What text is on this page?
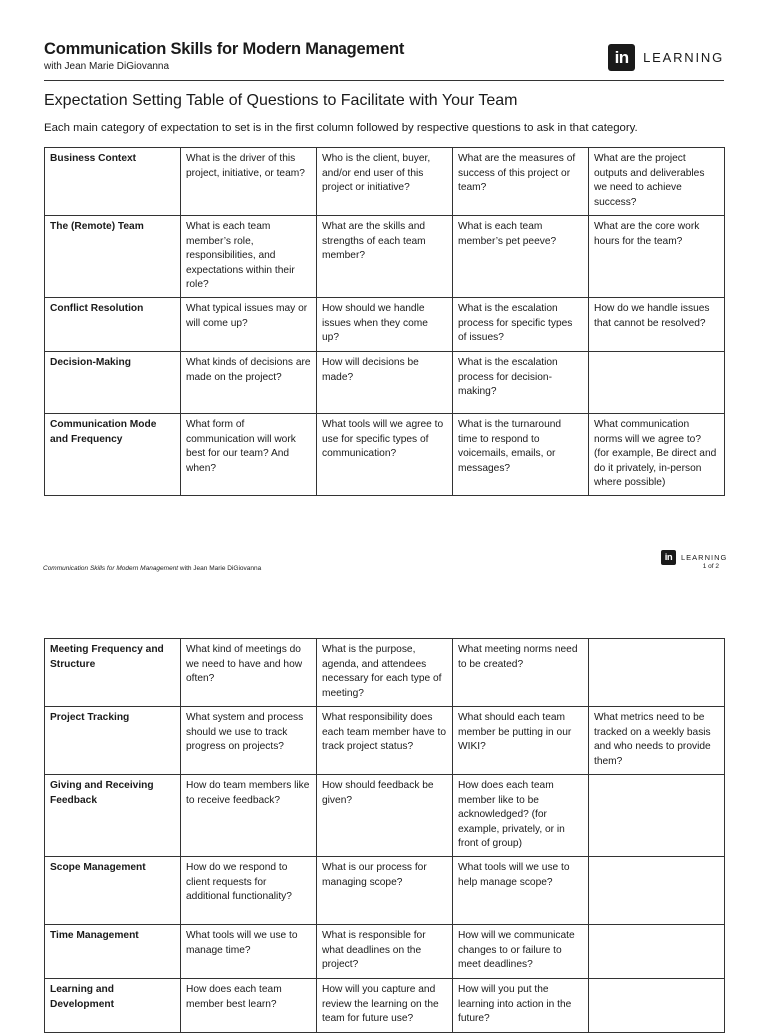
Communication Skills for Modern Management
with Jean Marie DiGiovanna	in	LEARNING
Expectation Setting Table of Questions to Facilitate with Your Team
Each main category of expectation to set is in the first column followed by respective questions to ask in that category.
Business Context	What is the driver of this project, initiative, or team?	Who is the client, buyer, and/or end user of this project or initiative?	What are the measures of success of this project or team?	What are the project outputs and deliverables we need to achieve success?
The (Remote) Team	What is each team member’s role, responsibilities, and expectations within their role?	What are the skills and strengths of each team member?	What is each team member’s pet peeve?	What are the core work hours for the team?
Conflict Resolution	What typical issues may or will come up?	How should we handle issues when they come up?	What is the escalation process for specific types of issues?	How do we handle issues that cannot be resolved?
Decision-Making	What kinds of decisions are made on the project?	How will decisions be made?	What is the escalation process for decision-making?	
Communication Mode and Frequency	What form of communication will work best for our team? And when?	What tools will we agree to use for specific types of communication?	What is the turnaround time to respond to voicemails, emails, or messages?	What communication norms will we agree to? (for example, Be direct and do it privately, in-person where possible)
in	LEARNING
Communication Skills for Modern Management with Jean Marie DiGiovanna	1 of 2
Meeting Frequency and Structure	What kind of meetings do we need to have and how often?	What is the purpose, agenda, and attendees necessary for each type of meeting?	What meeting norms need to be created?	
Project Tracking	What system and process should we use to track progress on projects?	What responsibility does each team member have to track project status?	What should each team member be putting in our WIKI?	What metrics need to be tracked on a weekly basis and who needs to provide them?
Giving and Receiving Feedback	How do team members like to receive feedback?	How should feedback be given?	How does each team member like to be acknowledged? (for example, privately, or in front of group)	
Scope Management	How do we respond to client requests for additional functionality?	What is our process for managing scope?	What tools will we use to help manage scope?	
Time Management	What tools will we use to manage time?	What is responsible for what deadlines on the project?	How will we communicate changes to or failure to meet deadlines?	
Learning and Development	How does each team member best learn?	How will you capture and review the learning on the team for future use?	How will you put the learning into action in the future?	
